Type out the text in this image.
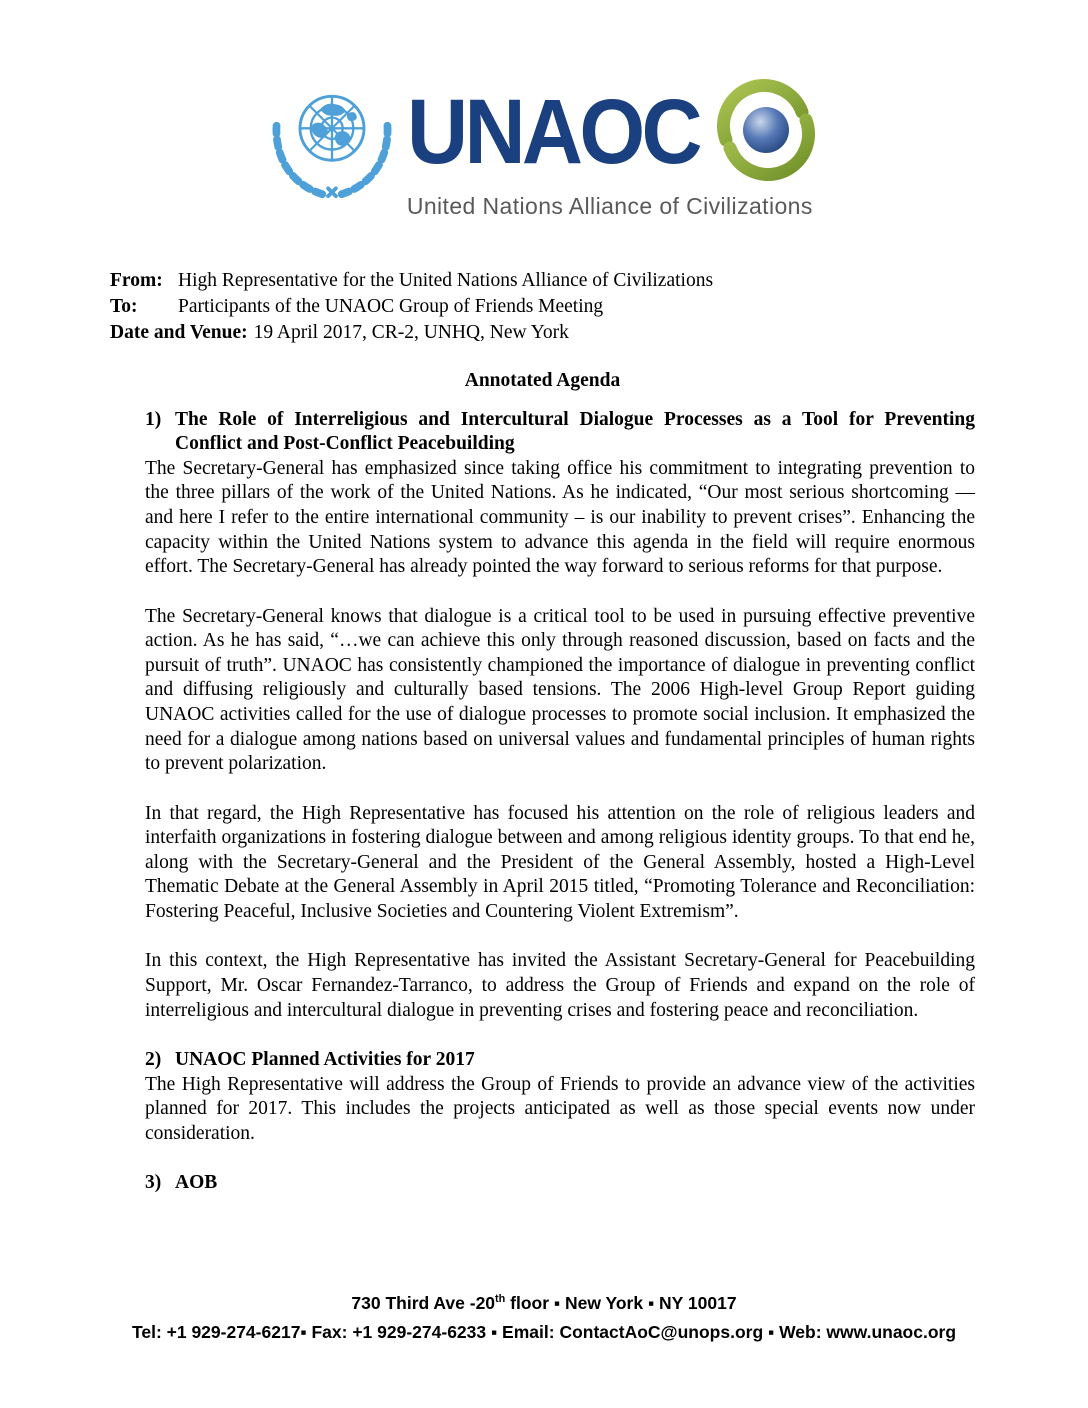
UNAOC
United Nations Alliance of Civilizations
From: High Representative for the United Nations Alliance of Civilizations
To:	Participants of the UNAOC Group of Friends Meeting
Date and Venue: 19 April 2017, CR-2, UNHQ, New York
Annotated Agenda
1) The Role of Interreligious and Intercultural Dialogue Processes as a Tool for Preventing Conflict and Post-Conflict Peacebuilding

The Secretary-General has emphasized since taking office his commitment to integrating prevention to the three pillars of the work of the United Nations. As he indicated, “Our most serious shortcoming — and here I refer to the entire international community – is our inability to prevent crises”. Enhancing the capacity within the United Nations system to advance this agenda in the field will require enormous effort. The Secretary-General has already pointed the way forward to serious reforms for that purpose.

The Secretary-General knows that dialogue is a critical tool to be used in pursuing effective preventive action. As he has said, “…we can achieve this only through reasoned discussion, based on facts and the pursuit of truth”. UNAOC has consistently championed the importance of dialogue in preventing conflict and diffusing religiously and culturally based tensions. The 2006 High-level Group Report guiding UNAOC activities called for the use of dialogue processes to promote social inclusion. It emphasized the need for a dialogue among nations based on universal values and fundamental principles of human rights to prevent polarization.

In that regard, the High Representative has focused his attention on the role of religious leaders and interfaith organizations in fostering dialogue between and among religious identity groups. To that end he, along with the Secretary-General and the President of the General Assembly, hosted a High-Level Thematic Debate at the General Assembly in April 2015 titled, “Promoting Tolerance and Reconciliation: Fostering Peaceful, Inclusive Societies and Countering Violent Extremism”.

In this context, the High Representative has invited the Assistant Secretary-General for Peacebuilding Support, Mr. Oscar Fernandez-Tarranco, to address the Group of Friends and expand on the role of interreligious and intercultural dialogue in preventing crises and fostering peace and reconciliation.

2) UNAOC Planned Activities for 2017

The High Representative will address the Group of Friends to provide an advance view of the activities planned for 2017. This includes the projects anticipated as well as those special events now under consideration.

3) AOB
730 Third Ave -20th floor ▪ New York ▪ NY 10017
Tel: +1 929-274-6217▪ Fax: +1 929-274-6233 ▪ Email: ContactAoC@unops.org ▪ Web: www.unaoc.org
